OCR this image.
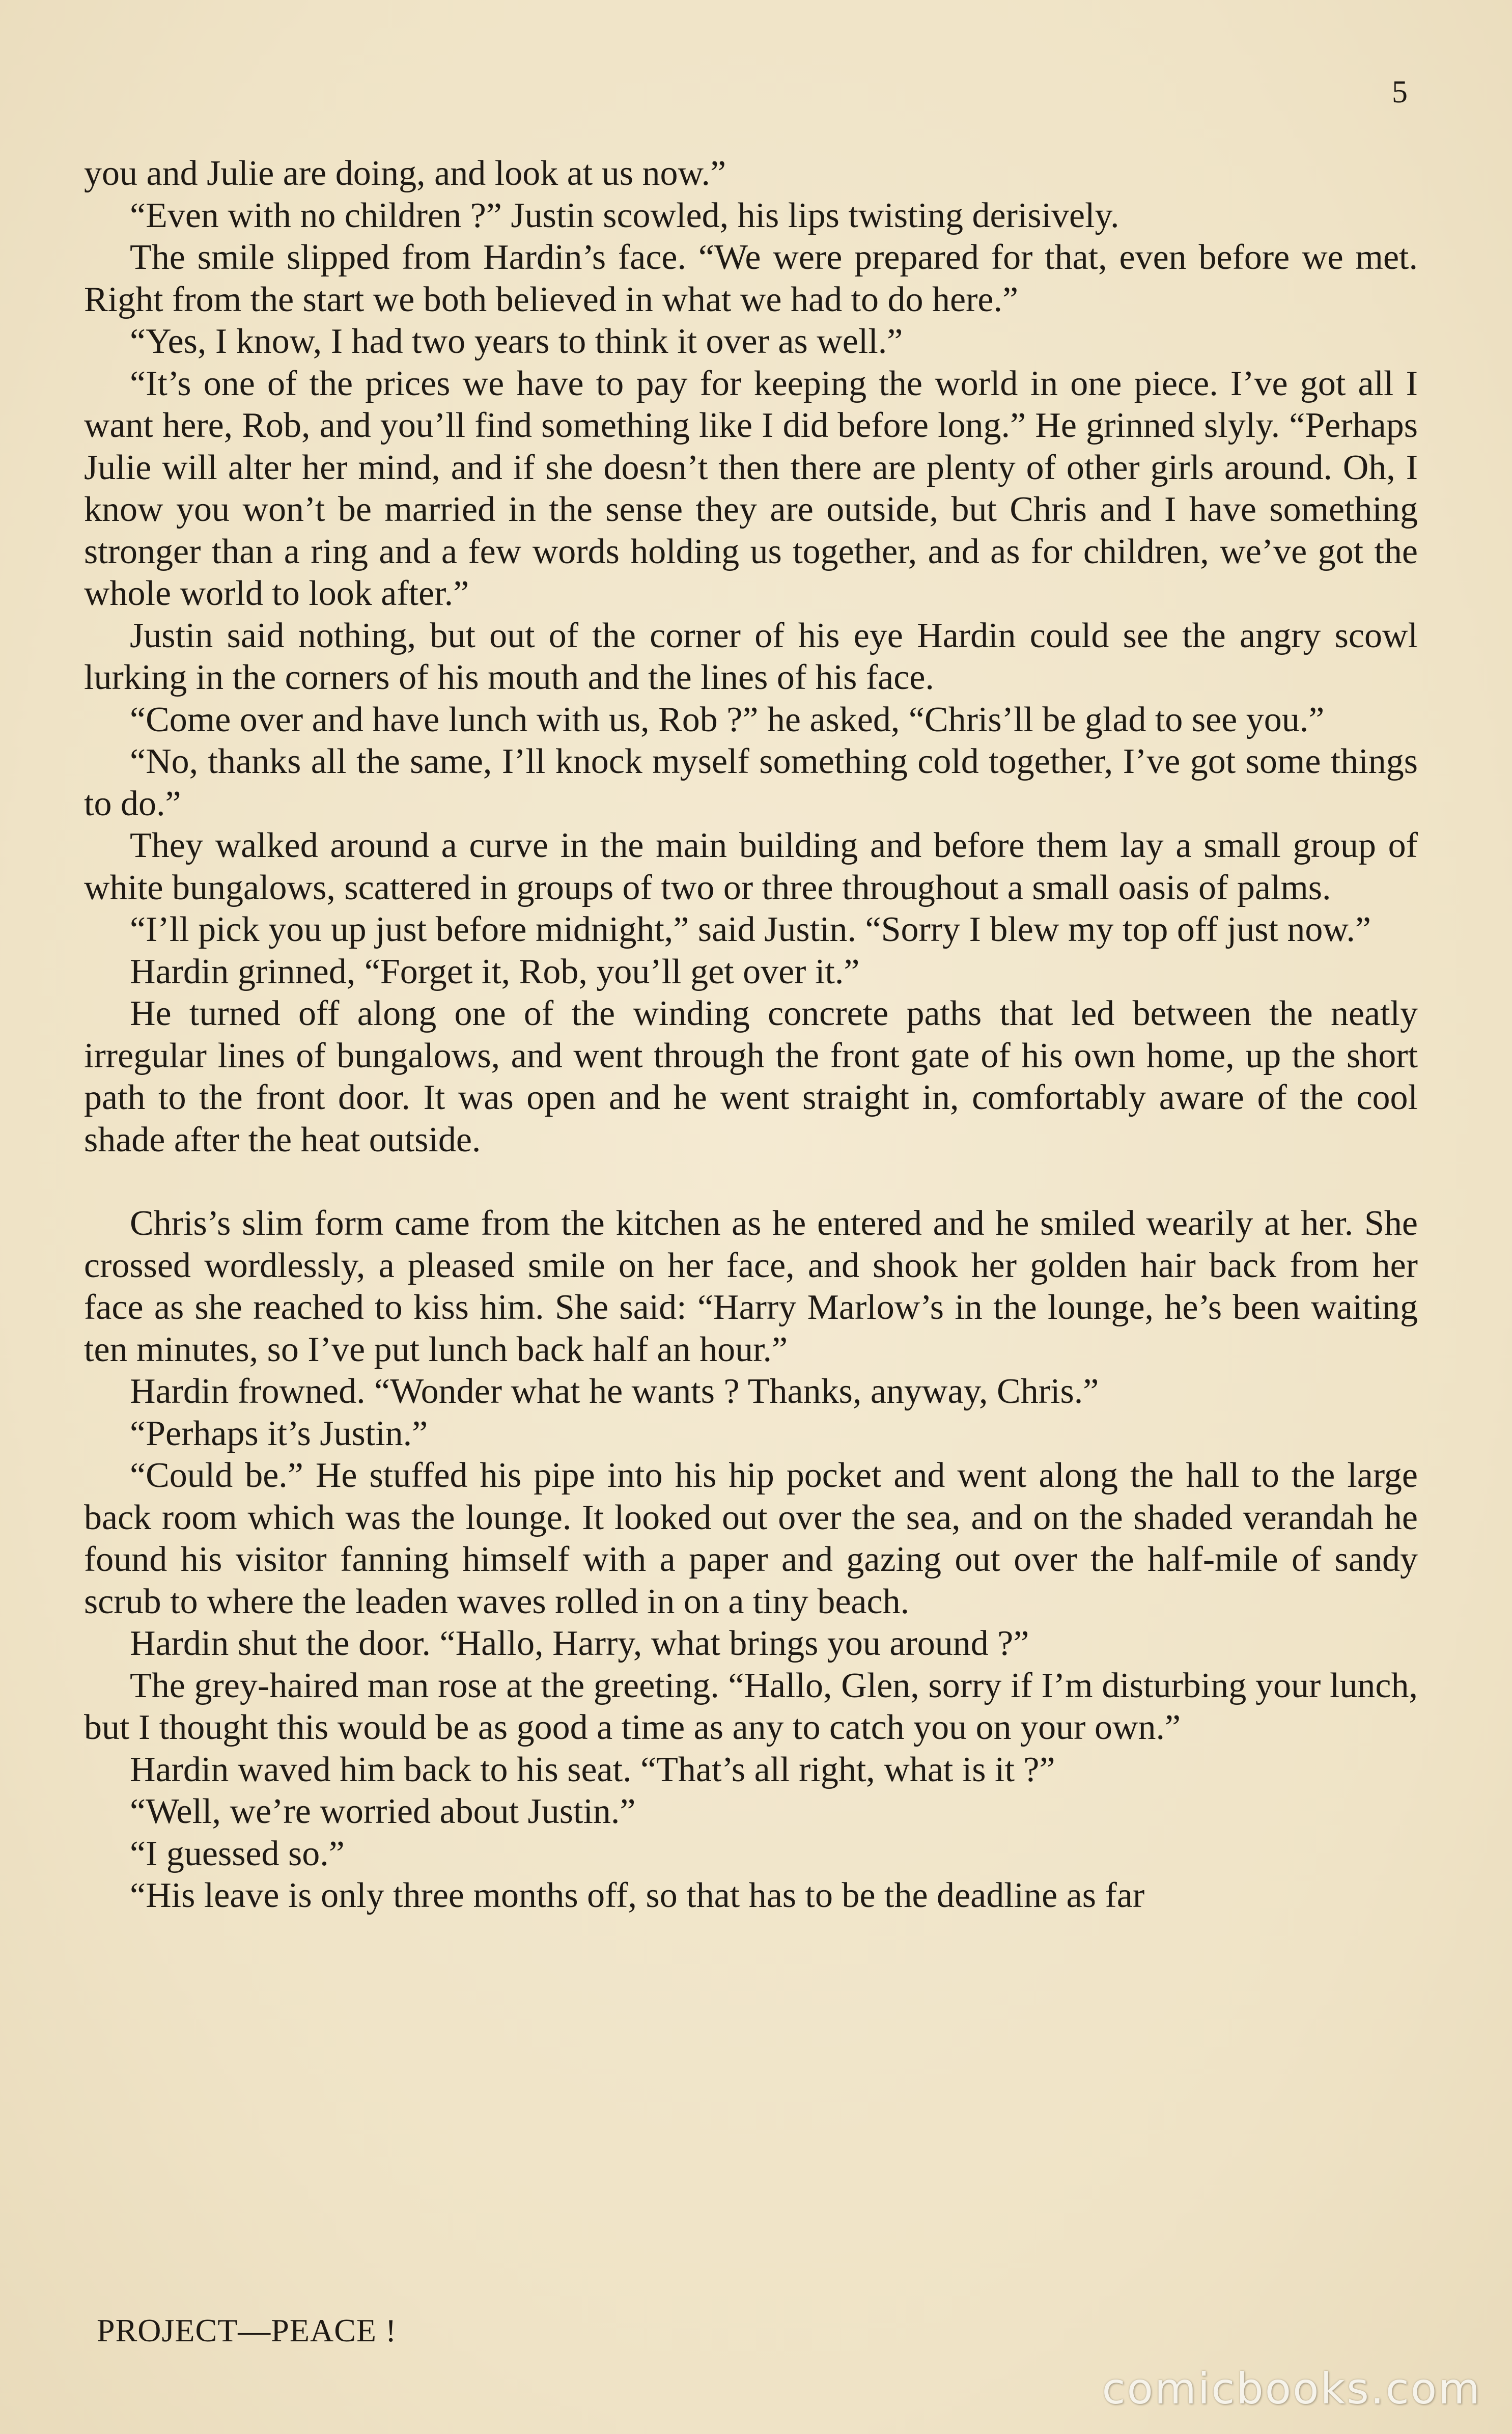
5

you and Julie are doing, and look at us now.”

“Even with no children ?” Justin scowled, his lips twisting derisively.

The smile slipped from Hardin’s face. “We were prepared for that, even before we met. Right from the start we both believed in what we had to do here.”

“Yes, I know, I had two years to think it over as well.”

“It’s one of the prices we have to pay for keeping the world in one piece. I’ve got all I want here, Rob, and you’ll find something like I did before long.” He grinned slyly. “Perhaps Julie will alter her mind, and if she doesn’t then there are plenty of other girls around. Oh, I know you won’t be married in the sense they are outside, but Chris and I have something stronger than a ring and a few words holding us together, and as for children, we’ve got the whole world to look after.”

Justin said nothing, but out of the corner of his eye Hardin could see the angry scowl lurking in the corners of his mouth and the lines of his face.

“Come over and have lunch with us, Rob ?” he asked, “Chris’ll be glad to see you.”

“No, thanks all the same, I’ll knock myself something cold together, I’ve got some things to do.”

They walked around a curve in the main building and before them lay a small group of white bungalows, scattered in groups of two or three throughout a small oasis of palms.

“I’ll pick you up just before midnight,” said Justin. “Sorry I blew my top off just now.”

Hardin grinned, “Forget it, Rob, you’ll get over it.”

He turned off along one of the winding concrete paths that led between the neatly irregular lines of bungalows, and went through the front gate of his own home, up the short path to the front door. It was open and he went straight in, comfortably aware of the cool shade after the heat outside.

Chris’s slim form came from the kitchen as he entered and he smiled wearily at her. She crossed wordlessly, a pleased smile on her face, and shook her golden hair back from her face as she reached to kiss him. She said: “Harry Marlow’s in the lounge, he’s been waiting ten minutes, so I’ve put lunch back half an hour.”

Hardin frowned. “Wonder what he wants ? Thanks, anyway, Chris.”

“Perhaps it’s Justin.”

“Could be.” He stuffed his pipe into his hip pocket and went along the hall to the large back room which was the lounge. It looked out over the sea, and on the shaded verandah he found his visitor fanning himself with a paper and gazing out over the half-mile of sandy scrub to where the leaden waves rolled in on a tiny beach.

Hardin shut the door. “Hallo, Harry, what brings you around ?”

The grey-haired man rose at the greeting. “Hallo, Glen, sorry if I’m disturbing your lunch, but I thought this would be as good a time as any to catch you on your own.”

Hardin waved him back to his seat. “That’s all right, what is it ?”

“Well, we’re worried about Justin.”

“I guessed so.”

“His leave is only three months off, so that has to be the deadline as far

PROJECT—PEACE !
comicbooks.com
